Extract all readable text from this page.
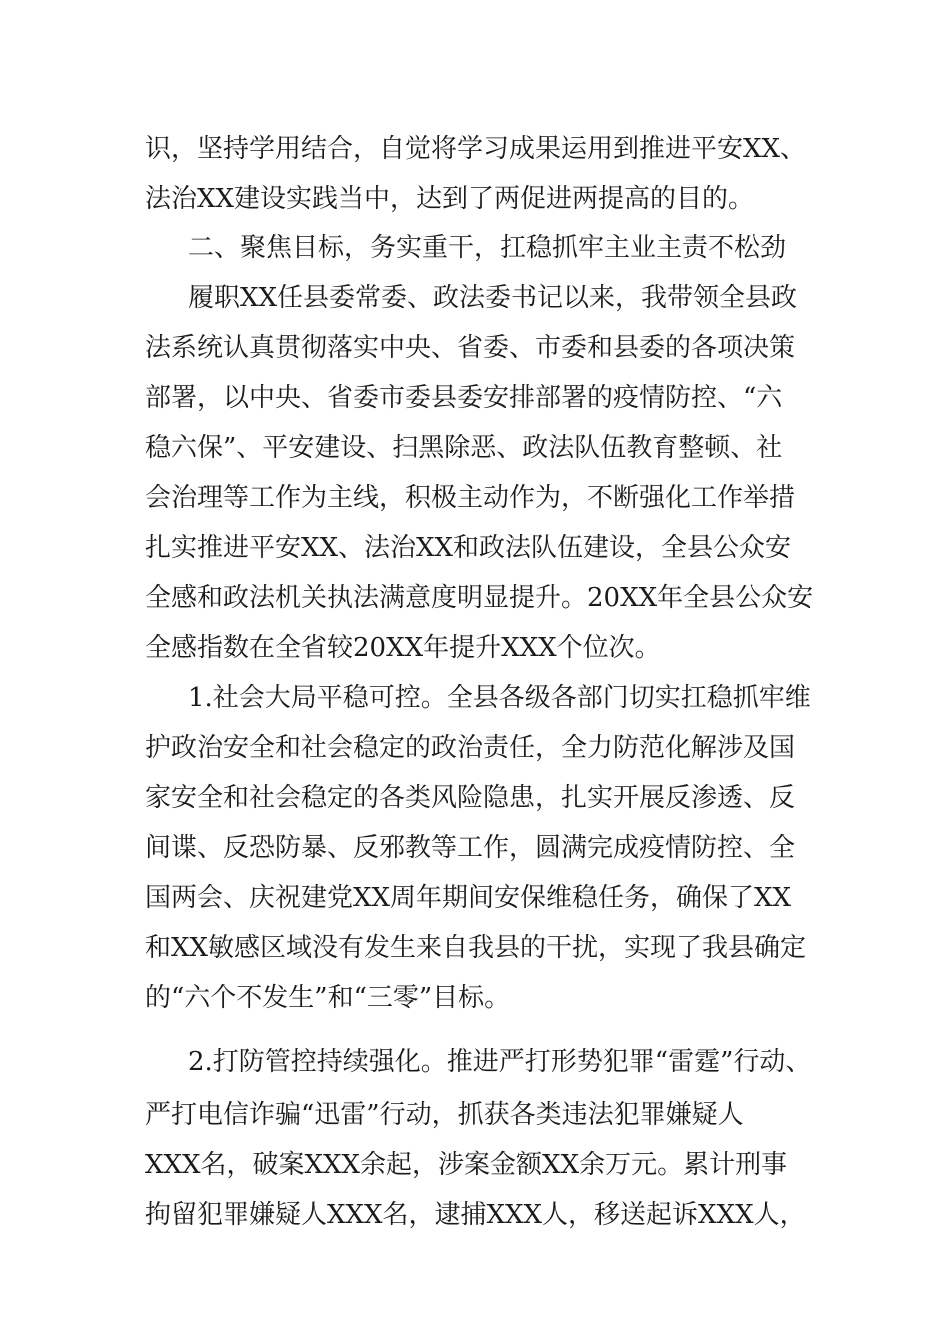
识，坚持学用结合，自觉将学习成果运用到推进平安XX、
法治XX建设实践当中，达到了两促进两提高的目的。
二、聚焦目标，务实重干，扛稳抓牢主业主责不松劲
履职XX任县委常委、政法委书记以来，我带领全县政
法系统认真贯彻落实中央、省委、市委和县委的各项决策
部署，以中央、省委市委县委安排部署的疫情防控、“六
稳六保”、平安建设、扫黑除恶、政法队伍教育整顿、社
会治理等工作为主线，积极主动作为，不断强化工作举措
扎实推进平安XX、法治XX和政法队伍建设，全县公众安
全感和政法机关执法满意度明显提升。20XX年全县公众安
全感指数在全省较20XX年提升XXX个位次。
1.社会大局平稳可控。全县各级各部门切实扛稳抓牢维
护政治安全和社会稳定的政治责任，全力防范化解涉及国
家安全和社会稳定的各类风险隐患，扎实开展反渗透、反
间谍、反恐防暴、反邪教等工作，圆满完成疫情防控、全
国两会、庆祝建党XX周年期间安保维稳任务，确保了XX
和XX敏感区域没有发生来自我县的干扰，实现了我县确定
的“六个不发生”和“三零”目标。
2.打防管控持续强化。推进严打形势犯罪“雷霆”行动、
严打电信诈骗“迅雷”行动，抓获各类违法犯罪嫌疑人
XXX名，破案XXX余起，涉案金额XX余万元。累计刑事
拘留犯罪嫌疑人XXX名，逮捕XXX人，移送起诉XXX人，
